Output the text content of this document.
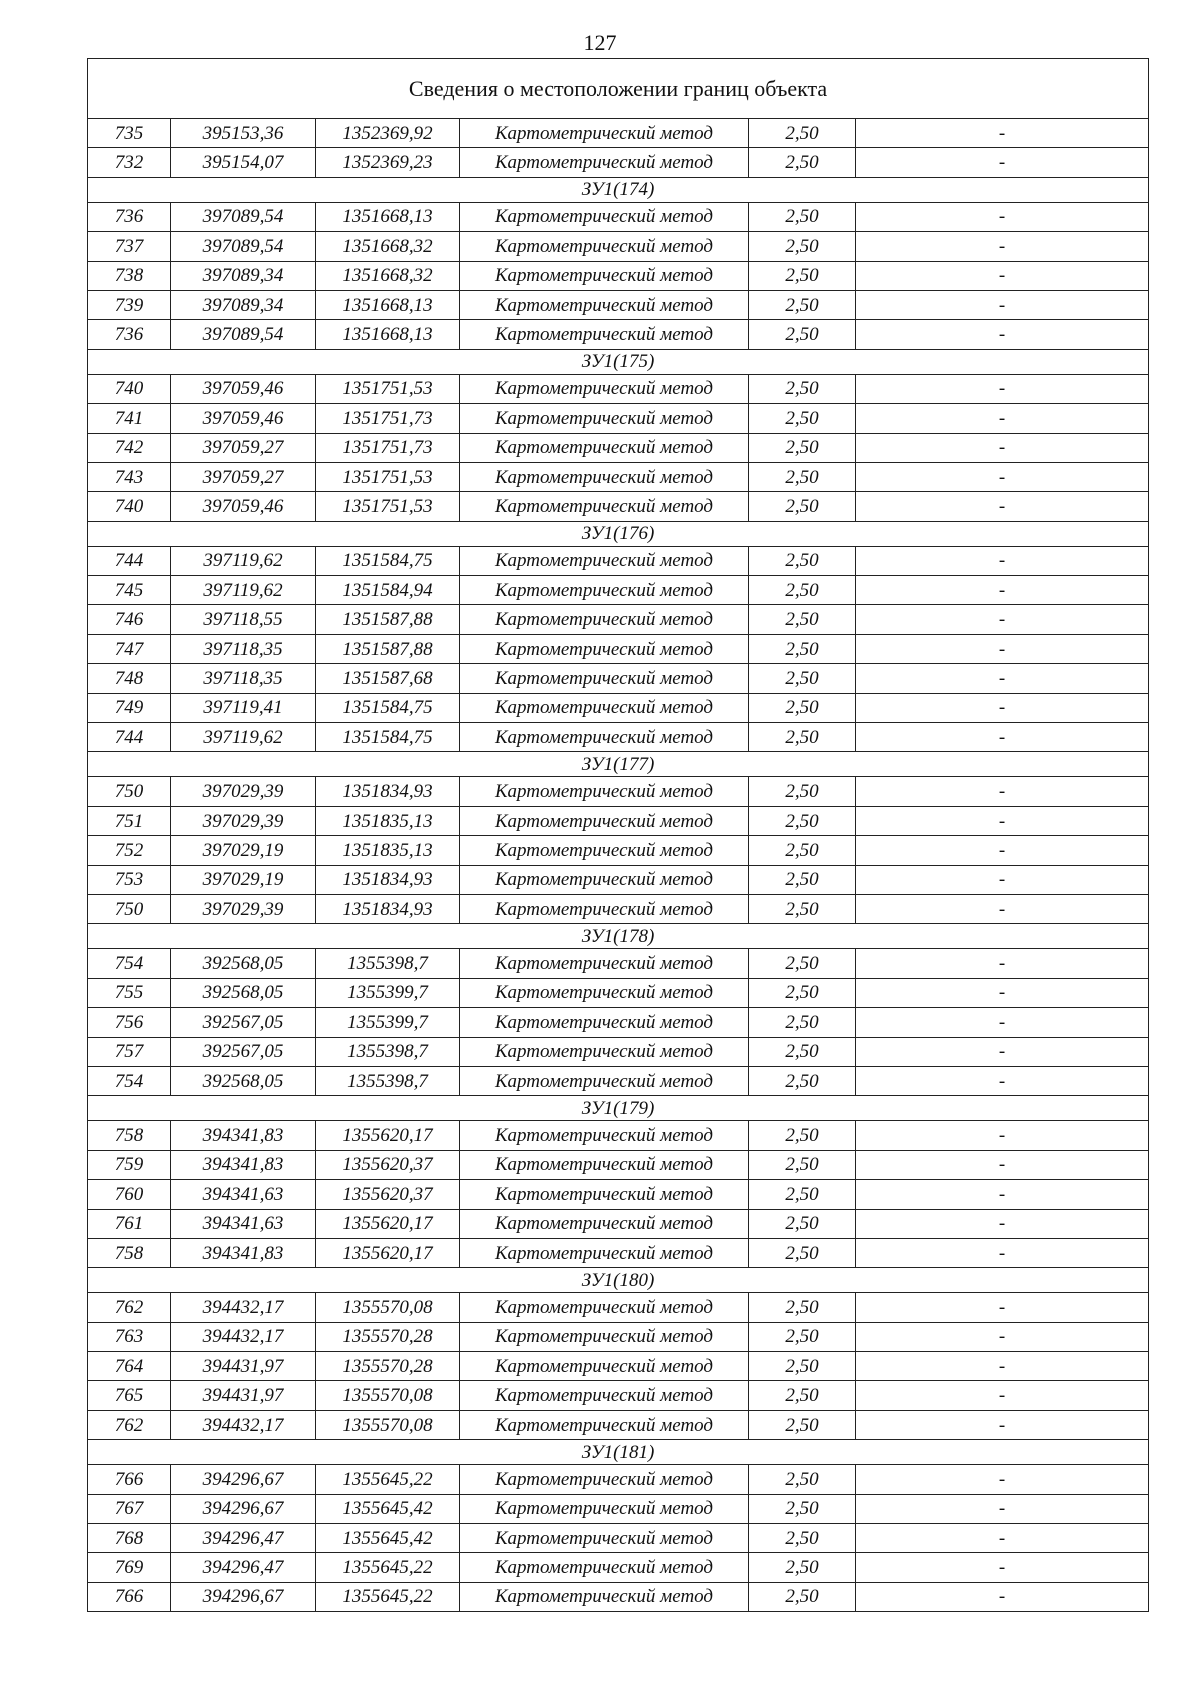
127
Сведения о местоположении границ объекта					
735	395153,36	1352369,92	Картометрический метод	2,50	-
732	395154,07	1352369,23	Картометрический метод	2,50	-
ЗУ1(174)					
736	397089,54	1351668,13	Картометрический метод	2,50	-
737	397089,54	1351668,32	Картометрический метод	2,50	-
738	397089,34	1351668,32	Картометрический метод	2,50	-
739	397089,34	1351668,13	Картометрический метод	2,50	-
736	397089,54	1351668,13	Картометрический метод	2,50	-
ЗУ1(175)					
740	397059,46	1351751,53	Картометрический метод	2,50	-
741	397059,46	1351751,73	Картометрический метод	2,50	-
742	397059,27	1351751,73	Картометрический метод	2,50	-
743	397059,27	1351751,53	Картометрический метод	2,50	-
740	397059,46	1351751,53	Картометрический метод	2,50	-
ЗУ1(176)					
744	397119,62	1351584,75	Картометрический метод	2,50	-
745	397119,62	1351584,94	Картометрический метод	2,50	-
746	397118,55	1351587,88	Картометрический метод	2,50	-
747	397118,35	1351587,88	Картометрический метод	2,50	-
748	397118,35	1351587,68	Картометрический метод	2,50	-
749	397119,41	1351584,75	Картометрический метод	2,50	-
744	397119,62	1351584,75	Картометрический метод	2,50	-
ЗУ1(177)					
750	397029,39	1351834,93	Картометрический метод	2,50	-
751	397029,39	1351835,13	Картометрический метод	2,50	-
752	397029,19	1351835,13	Картометрический метод	2,50	-
753	397029,19	1351834,93	Картометрический метод	2,50	-
750	397029,39	1351834,93	Картометрический метод	2,50	-
ЗУ1(178)					
754	392568,05	1355398,7	Картометрический метод	2,50	-
755	392568,05	1355399,7	Картометрический метод	2,50	-
756	392567,05	1355399,7	Картометрический метод	2,50	-
757	392567,05	1355398,7	Картометрический метод	2,50	-
754	392568,05	1355398,7	Картометрический метод	2,50	-
ЗУ1(179)					
758	394341,83	1355620,17	Картометрический метод	2,50	-
759	394341,83	1355620,37	Картометрический метод	2,50	-
760	394341,63	1355620,37	Картометрический метод	2,50	-
761	394341,63	1355620,17	Картометрический метод	2,50	-
758	394341,83	1355620,17	Картометрический метод	2,50	-
ЗУ1(180)					
762	394432,17	1355570,08	Картометрический метод	2,50	-
763	394432,17	1355570,28	Картометрический метод	2,50	-
764	394431,97	1355570,28	Картометрический метод	2,50	-
765	394431,97	1355570,08	Картометрический метод	2,50	-
762	394432,17	1355570,08	Картометрический метод	2,50	-
ЗУ1(181)					
766	394296,67	1355645,22	Картометрический метод	2,50	-
767	394296,67	1355645,42	Картометрический метод	2,50	-
768	394296,47	1355645,42	Картометрический метод	2,50	-
769	394296,47	1355645,22	Картометрический метод	2,50	-
766	394296,67	1355645,22	Картометрический метод	2,50	-
